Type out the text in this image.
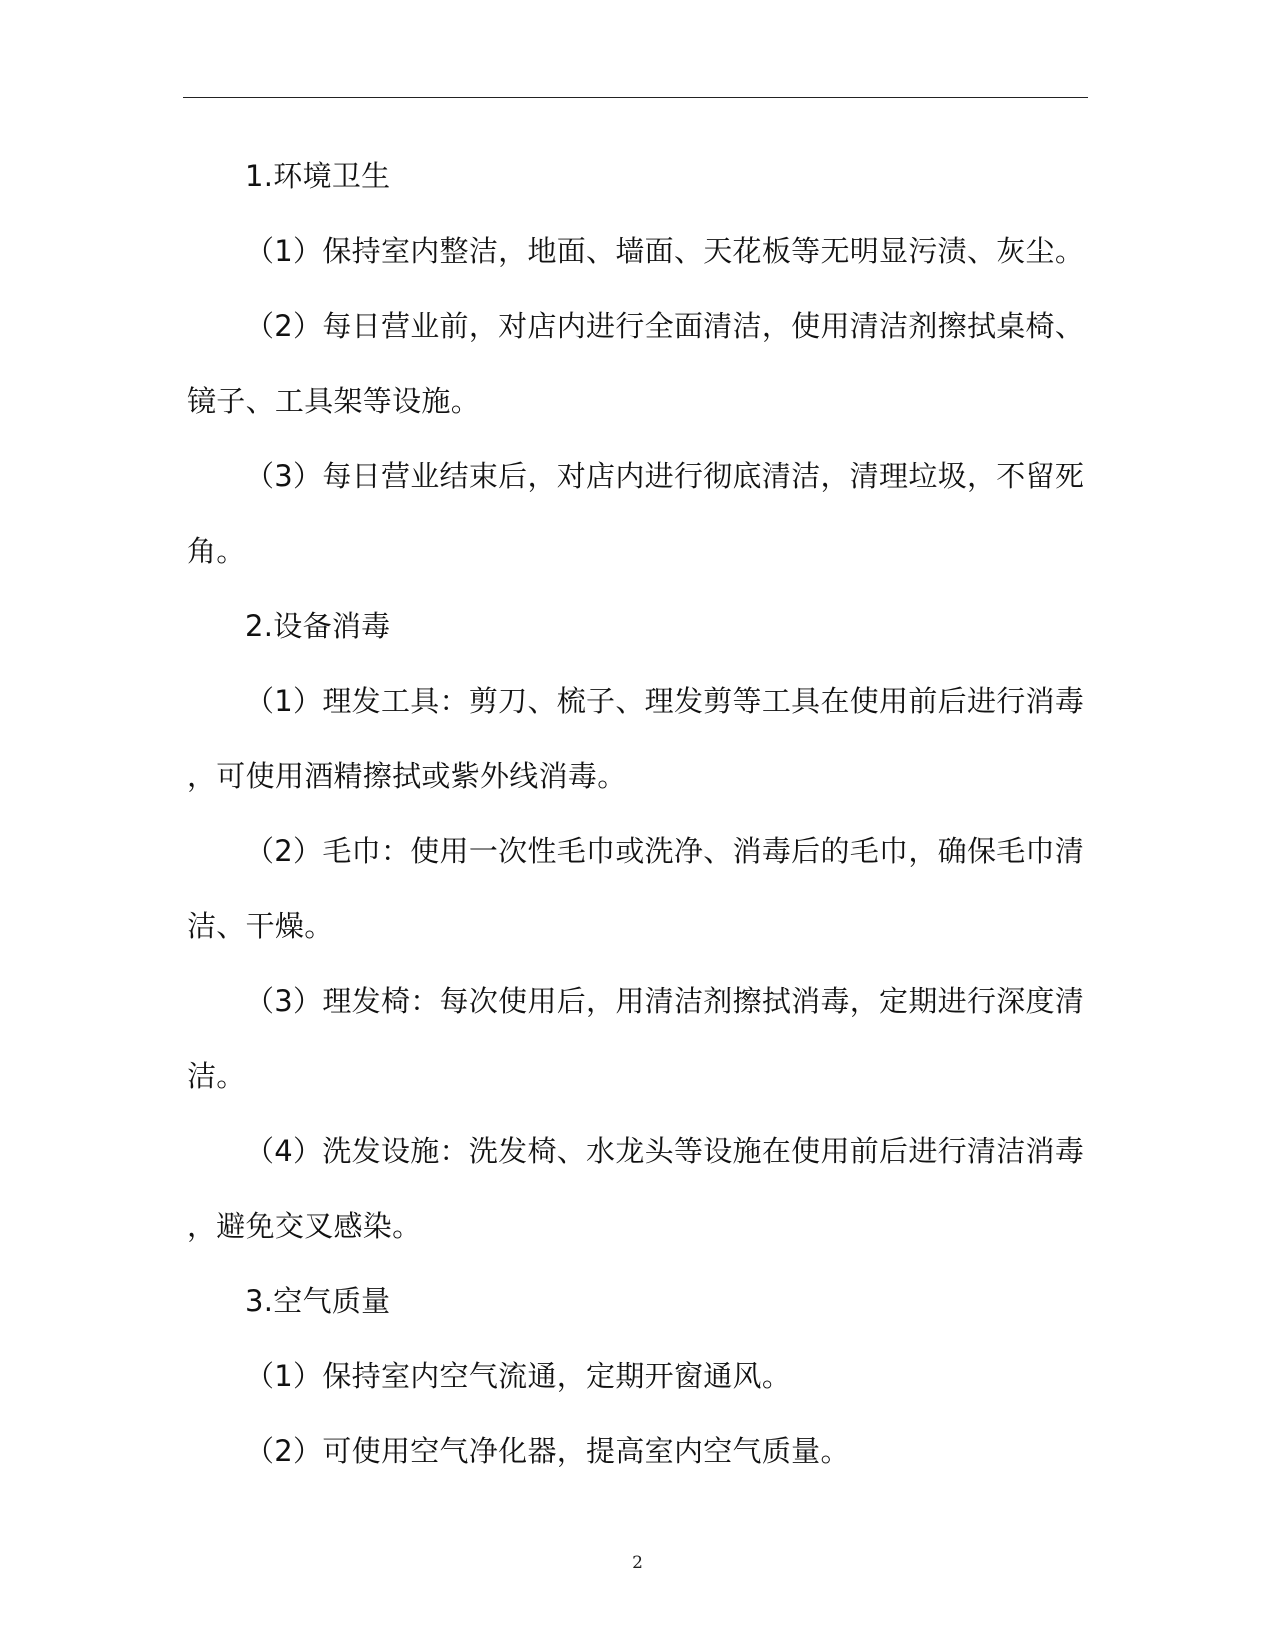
1.环境卫生
（1）保持室内整洁，地面、墙面、天花板等无明显污渍、灰尘。
（2）每日营业前，对店内进行全面清洁，使用清洁剂擦拭桌椅、
镜子、工具架等设施。
（3）每日营业结束后，对店内进行彻底清洁，清理垃圾，不留死
角。
2.设备消毒
（1）理发工具：剪刀、梳子、理发剪等工具在使用前后进行消毒
，可使用酒精擦拭或紫外线消毒。
（2）毛巾：使用一次性毛巾或洗净、消毒后的毛巾，确保毛巾清
洁、干燥。
（3）理发椅：每次使用后，用清洁剂擦拭消毒，定期进行深度清
洁。
（4）洗发设施：洗发椅、水龙头等设施在使用前后进行清洁消毒
，避免交叉感染。
3.空气质量
（1）保持室内空气流通，定期开窗通风。
（2）可使用空气净化器，提高室内空气质量。
2
